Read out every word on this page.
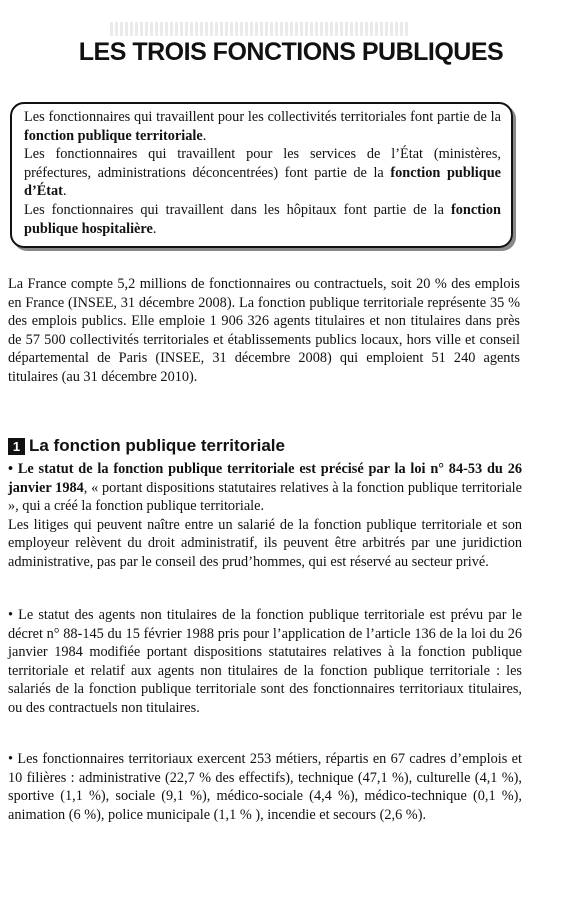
LES TROIS FONCTIONS PUBLIQUES

Les fonctionnaires qui travaillent pour les collectivités territoriales font partie de la fonction publique territoriale.

Les fonctionnaires qui travaillent pour les services de l’État (ministères, préfectures, administrations déconcentrées) font partie de la fonction publique d’État.

Les fonctionnaires qui travaillent dans les hôpitaux font partie de la fonction publique hospitalière.

La France compte 5,2 millions de fonctionnaires ou contractuels, soit 20 % des emplois en France (INSEE, 31 décembre 2008). La fonction publique territoriale représente 35 % des emplois publics. Elle emploie 1 906 326 agents titulaires et non titulaires dans près de 57 500 collectivités territoriales et établissements publics locaux, hors ville et conseil départemental de Paris (INSEE, 31 décembre 2008) qui emploient 51 240 agents titulaires (au 31 décembre 2010).

1 La fonction publique territoriale

• Le statut de la fonction publique territoriale est précisé par la loi n° 84-53 du 26 janvier 1984, « portant dispositions statutaires relatives à la fonction publique territoriale », qui a créé la fonction publique territoriale.
Les litiges qui peuvent naître entre un salarié de la fonction publique territoriale et son employeur relèvent du droit administratif, ils peuvent être arbitrés par une juridiction administrative, pas par le conseil des prud’hommes, qui est réservé au secteur privé.

• Le statut des agents non titulaires de la fonction publique territoriale est prévu par le décret n° 88-145 du 15 février 1988 pris pour l’application de l’article 136 de la loi du 26 janvier 1984 modifiée portant dispositions statutaires relatives à la fonction publique territoriale et relatif aux agents non titulaires de la fonction publique territoriale : les salariés de la fonction publique territoriale sont des fonctionnaires territoriaux titulaires, ou des contractuels non titulaires.

• Les fonctionnaires territoriaux exercent 253 métiers, répartis en 67 cadres d’emplois et 10 filières : administrative (22,7 % des effectifs), technique (47,1 %), culturelle (4,1 %), sportive (1,1 %), sociale (9,1 %), médico-sociale (4,4 %), médico-technique (0,1 %), animation (6 %), police municipale (1,1 % ), incendie et secours (2,6 %).
